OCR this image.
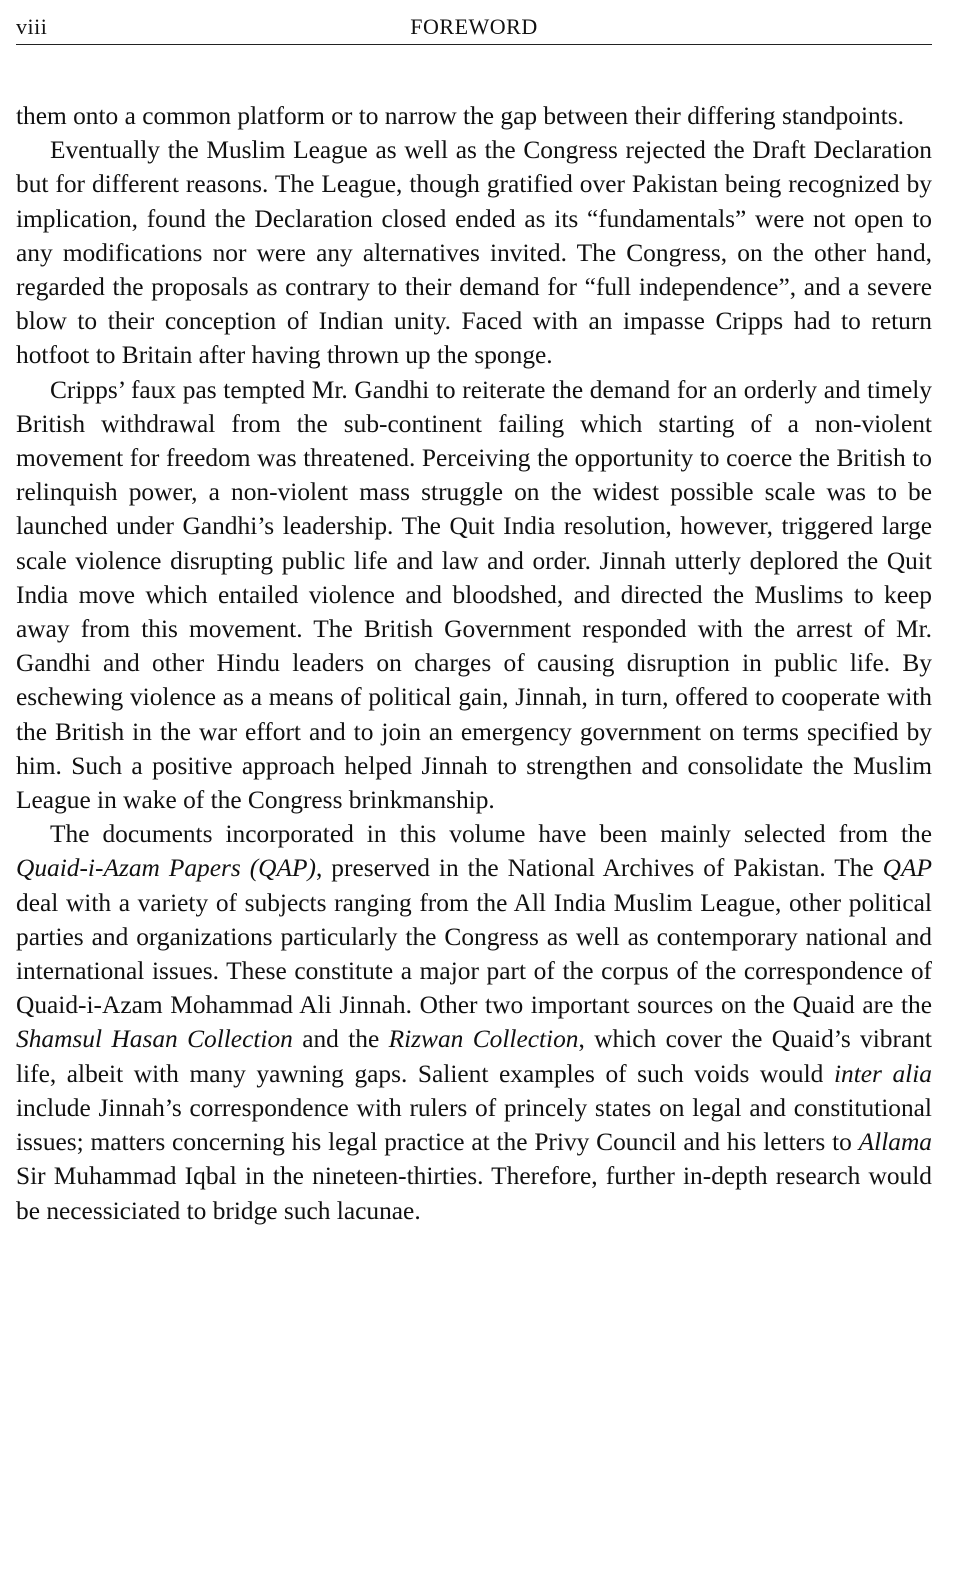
viii	FOREWORD

them onto a common platform or to narrow the gap between their differing standpoints.

Eventually the Muslim League as well as the Congress rejected the Draft Declaration but for different reasons. The League, though gratified over Pakistan being recognized by implication, found the Declaration closed ended as its “fundamentals” were not open to any modifications nor were any alternatives invited. The Congress, on the other hand, regarded the proposals as contrary to their demand for “full independence”, and a severe blow to their conception of Indian unity. Faced with an impasse Cripps had to return hotfoot to Britain after having thrown up the sponge.

Cripps’ faux pas tempted Mr. Gandhi to reiterate the demand for an orderly and timely British withdrawal from the sub-continent failing which starting of a non-violent movement for freedom was threatened. Perceiving the opportunity to coerce the British to relinquish power, a non-violent mass struggle on the widest possible scale was to be launched under Gandhi’s leadership. The Quit India resolution, however, triggered large scale violence disrupting public life and law and order. Jinnah utterly deplored the Quit India move which entailed violence and bloodshed, and directed the Muslims to keep away from this movement. The British Government responded with the arrest of Mr. Gandhi and other Hindu leaders on charges of causing disruption in public life. By eschewing violence as a means of political gain, Jinnah, in turn, offered to cooperate with the British in the war effort and to join an emergency government on terms specified by him. Such a positive approach helped Jinnah to strengthen and consolidate the Muslim League in wake of the Congress brinkmanship.

The documents incorporated in this volume have been mainly selected from the Quaid-i-Azam Papers (QAP), preserved in the National Archives of Pakistan. The QAP deal with a variety of subjects ranging from the All India Muslim League, other political parties and organizations particularly the Congress as well as contemporary national and international issues. These constitute a major part of the corpus of the correspondence of Quaid-i-Azam Mohammad Ali Jinnah. Other two important sources on the Quaid are the Shamsul Hasan Collection and the Rizwan Collection, which cover the Quaid’s vibrant life, albeit with many yawning gaps. Salient examples of such voids would inter alia include Jinnah’s correspondence with rulers of princely states on legal and constitutional issues; matters concerning his legal practice at the Privy Council and his letters to Allama Sir Muhammad Iqbal in the nineteen-thirties. Therefore, further in-depth research would be necessiciated to bridge such lacunae.
